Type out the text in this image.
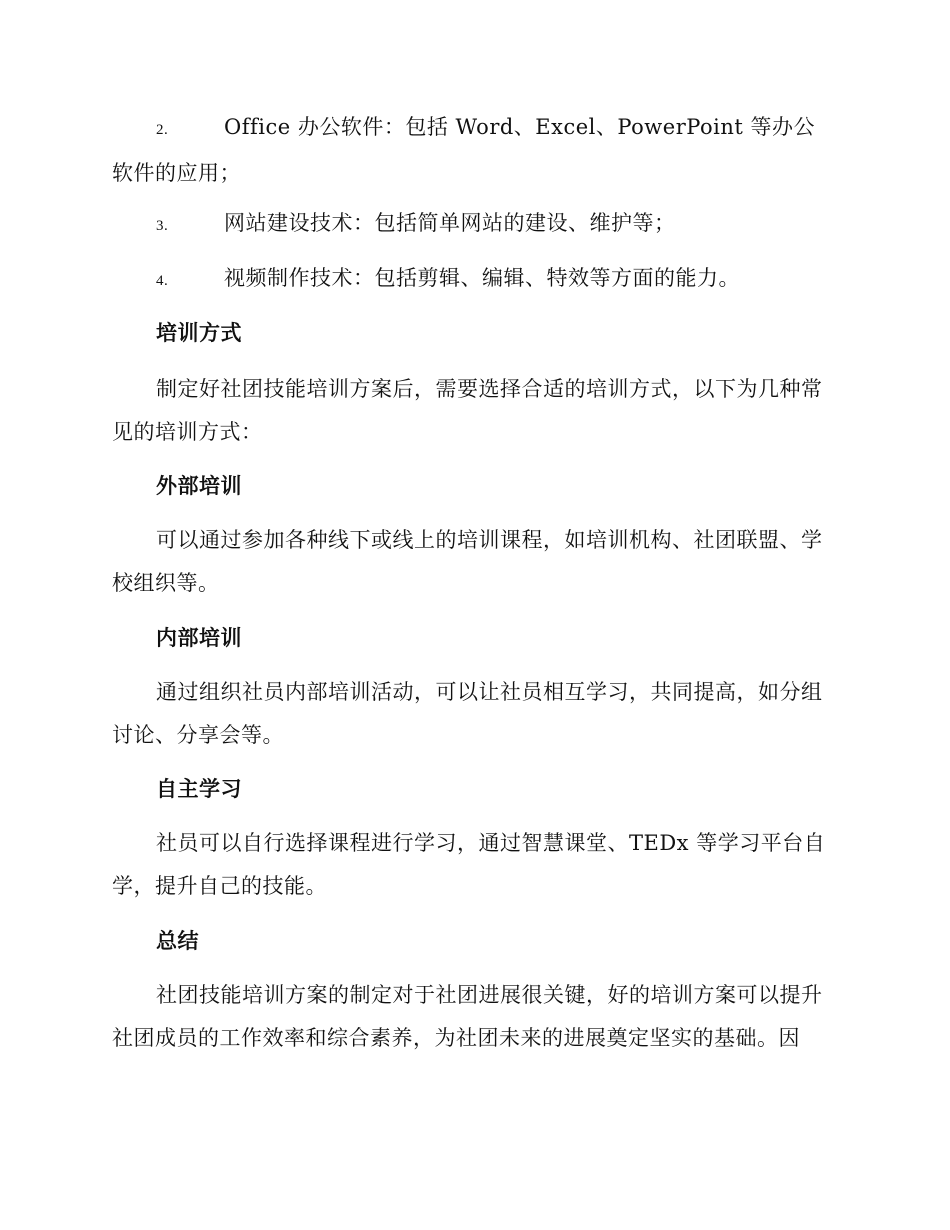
2.	Office 办公软件：包括 Word、Excel、PowerPoint 等办公软件的应用；

3.	网站建设技术：包括简单网站的建设、维护等；

4.	视频制作技术：包括剪辑、编辑、特效等方面的能力。

培训方式

制定好社团技能培训方案后，需要选择合适的培训方式，以下为几种常见的培训方式：

外部培训

可以通过参加各种线下或线上的培训课程，如培训机构、社团联盟、学校组织等。

内部培训

通过组织社员内部培训活动，可以让社员相互学习，共同提高，如分组讨论、分享会等。

自主学习

社员可以自行选择课程进行学习，通过智慧课堂、TEDx 等学习平台自学，提升自己的技能。

总结

社团技能培训方案的制定对于社团进展很关键，好的培训方案可以提升社团成员的工作效率和综合素养，为社团未来的进展奠定坚实的基础。因
